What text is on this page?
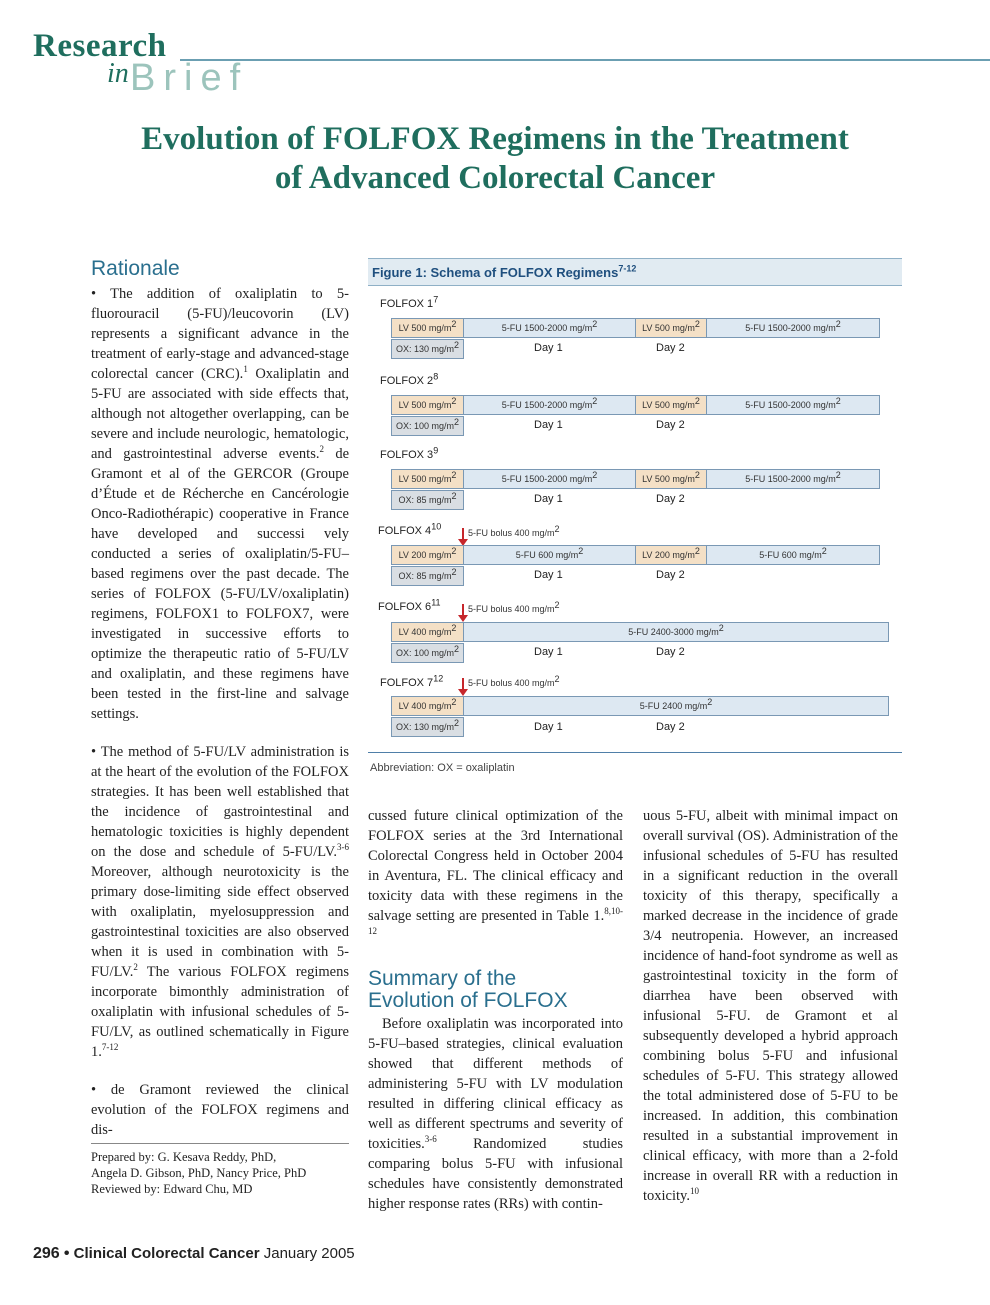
Research
in Brief
Evolution of FOLFOX Regimens in the Treatment
of Advanced Colorectal Cancer
Rationale

• The addition of oxaliplatin to 5-fluorouracil (5-FU)/leucovorin (LV) represents a significant advance in the treatment of early-stage and advanced-stage colorectal cancer (CRC).$^1$ Oxaliplatin and 5-FU are associated with side effects that, although not altogether overlapping, can be severe and include neurologic, hematologic, and gastrointestinal adverse events.$^2$ de Gramont et al of the GERCOR (Groupe d’Étude et de Récherche en Cancérologie Onco-Radiothérapic) cooperative in France have developed and successi vely conducted a series of oxaliplatin/5-FU–based regimens over the past decade. The series of FOLFOX (5-FU/LV/oxaliplatin) regimens, FOLFOX1 to FOLFOX7, were investigated in successive efforts to optimize the therapeutic ratio of 5-FU/LV and oxaliplatin, and these regimens have been tested in the first-line and salvage settings.

• The method of 5-FU/LV administration is at the heart of the evolution of the FOLFOX strategies. It has been well established that the incidence of gastrointestinal and hematologic toxicities is highly dependent on the dose and schedule of 5-FU/LV.$^{3-6}$ Moreover, although neurotoxicity is the primary dose-limiting side effect observed with oxaliplatin, myelosuppression and gastrointestinal toxicities are also observed when it is used in combination with 5-FU/LV.$^2$ The various FOLFOX regimens incorporate bimonthly administration of oxaliplatin with infusional schedules of 5-FU/LV, as outlined schematically in Figure 1.$^{7-12}$

• de Gramont reviewed the clinical evolution of the FOLFOX regimens and dis-

Prepared by: G. Kesava Reddy, PhD,
Angela D. Gibson, PhD, Nancy Price, PhD
Reviewed by: Edward Chu, MD
296 • Clinical Colorectal Cancer January 2005
Figure 1: Schema of FOLFOX Regimens$^{7-12}$
FOLFOX $1^7$
LV 500 $mg/m^2$	5-FU 1500-2000 $mg/m^2$	LV 500 $mg/m^2$	5-FU 1500-2000 $mg/m^2$
OX: 130 $mg/m^2$	Day 1	Day 2
FOLFOX $2^8$
LV 500 $mg/m^2$	5-FU 1500-2000 $mg/m^2$	LV 500 $mg/m^2$	5-FU 1500-2000 $mg/m^2$
OX: 100 $mg/m^2$	Day 1	Day 2
FOLFOX $3^9$
LV 500 $mg/m^2$	5-FU 1500-2000 $mg/m^2$	LV 500 $mg/m^2$	5-FU 1500-2000 $mg/m^2$
OX: 85 $mg/m^2$	Day 1	Day 2
FOLFOX $4^{10}$
5-FU bolus 400 $mg/m^2$
LV 200 $mg/m^2$	5-FU 600 $mg/m^2$	LV 200 $mg/m^2$	5-FU 600 $mg/m^2$
OX: 85 $mg/m^2$	Day 1	Day 2
FOLFOX $6^{11}$
5-FU bolus 400 $mg/m^2$
LV 400 $mg/m^2$	5-FU 2400-3000 $mg/m^2$
OX: 100 $mg/m^2$	Day 1	Day 2
FOLFOX $7^{12}$	5-FU bolus 400 $mg/m^2$
LV 400 $mg/m^2$	5-FU 2400 $mg/m^2$
OX: 130 $mg/m^2$	Day 1	Day 2
Abbreviation: OX = oxaliplatin

cussed future clinical optimization of the FOLFOX series at the 3rd International Colorectal Congress held in October 2004 in Aventura, FL. The clinical efficacy and toxicity data with these regimens in the salvage setting are presented in Table 1.$^{8,10-12}$

Summary of the
Evolution of FOLFOX

Before oxaliplatin was incorporated into 5-FU–based strategies, clinical evaluation showed that different methods of administering 5-FU with LV modulation resulted in differing clinical efficacy as well as different spectrums and severity of toxicities.$^{3-6}$ Randomized studies comparing bolus 5-FU with infusional schedules have consistently demonstrated higher response rates (RRs) with contin-

uous 5-FU, albeit with minimal impact on overall survival (OS). Administration of the infusional schedules of 5-FU has resulted in a significant reduction in the overall toxicity of this therapy, specifically a marked decrease in the incidence of grade 3/4 neutropenia. However, an increased incidence of hand-foot syndrome as well as gastrointestinal toxicity in the form of diarrhea have been observed with infusional 5-FU. de Gramont et al subsequently developed a hybrid approach combining bolus 5-FU and infusional schedules of 5-FU. This strategy allowed the total administered dose of 5-FU to be increased. In addition, this combination resulted in a substantial improvement in clinical efficacy, with more than a 2-fold increase in overall RR with a reduction in toxicity.$^{10}$
